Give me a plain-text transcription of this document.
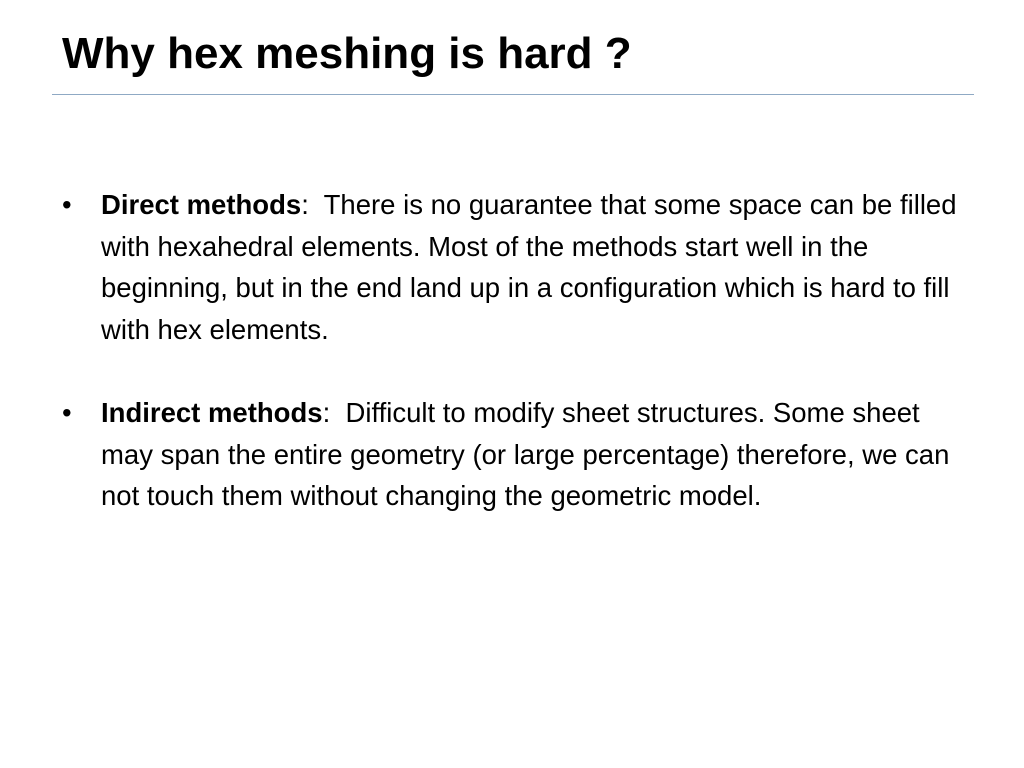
Why hex meshing is hard ?
•	Direct methods:  There is no guarantee that some space can be filled with hexahedral elements. Most of the methods start well in the beginning, but in the end land up in a configuration which is hard to fill with hex elements.
•	Indirect methods:  Difficult to modify sheet structures. Some sheet may span the entire geometry (or large percentage) therefore, we can not touch them without changing the geometric model.
